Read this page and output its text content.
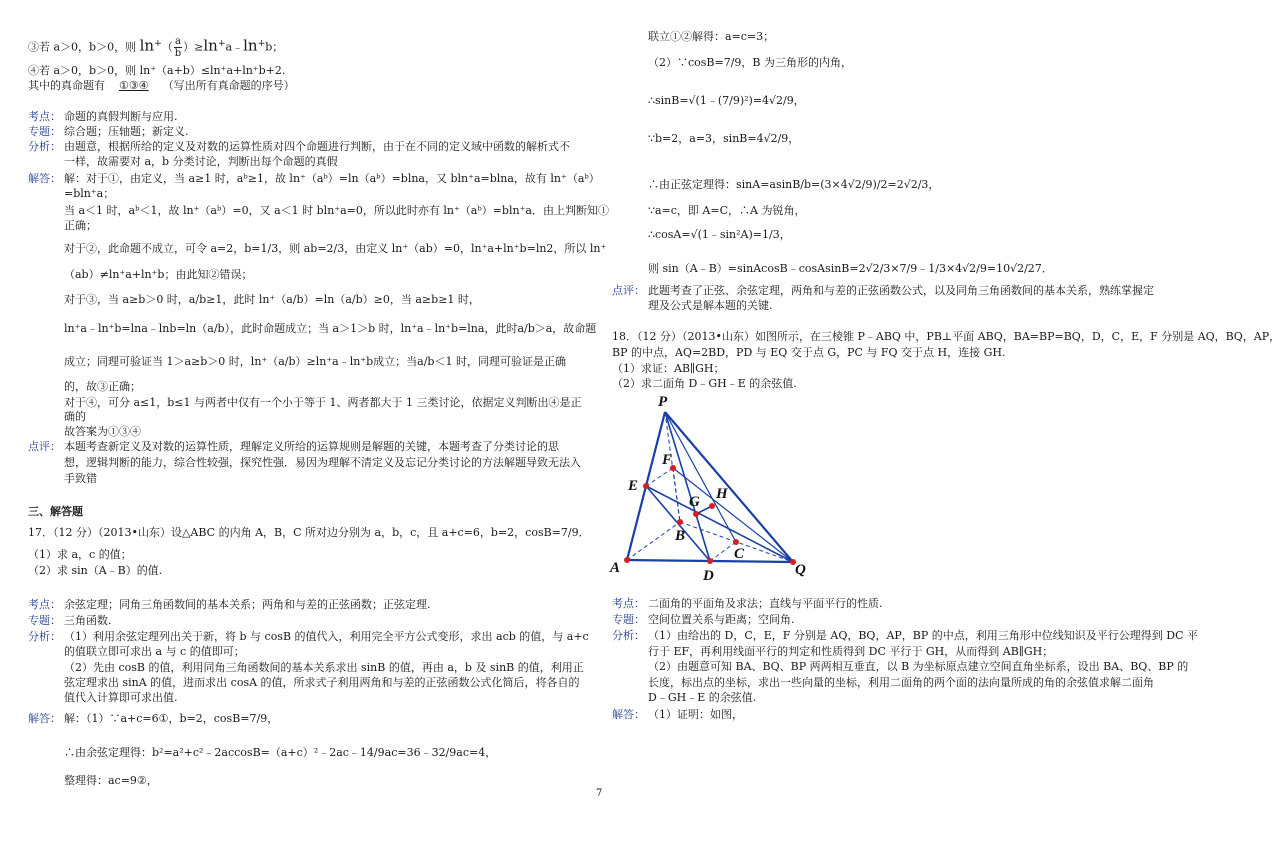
③若 a＞0，b＞0，则 $\ln^+( \frac{a}{b}$ ）≥ln+a﹣ln+b；
④若 a＞0，b＞0，则 ln⁺（a+b）≤ln⁺a+ln⁺b+2.
其中的真命题有 ①③④ （写出所有真命题的序号）
考点： 命题的真假判断与应用.
专题： 综合题；压轴题；新定义.
分析： 由题意，根据所给的定义及对数的运算性质对四个命题进行判断，由于在不同的定义域中函数的解析式不
一样，故需要对 a，b 分类讨论，判断出每个命题的真假
解答： 解：对于①，由定义，当 a≥1 时，aᵇ≥1，故 ln⁺（aᵇ）=ln（aᵇ）=blna，又 bln⁺a=blna，故有 ln⁺（aᵇ）
=bln⁺a；
当 a＜1 时，aᵇ＜1，故 ln⁺（aᵇ）=0，又 a＜1 时 bln⁺a=0，所以此时亦有 ln⁺（aᵇ）=bln⁺a．由上判断知①
正确；
对于②，此命题不成立，可令 a=2，b=1/3，则 ab=2/3，由定义 ln⁺（ab）=0，ln⁺a+ln⁺b=ln2，所以 ln⁺
（ab）≠ln⁺a+ln⁺b；由此知②错误；
对于③，当 a≥b＞0 时，a/b≥1，此时 ln⁺（a/b）=ln（a/b）≥0，当 a≥b≥1 时，
ln⁺a﹣ln⁺b=lna﹣lnb=ln（a/b），此时命题成立；当 a＞1＞b 时，ln⁺a﹣ln⁺b=lna，此时a/b＞a，故命题
成立；同理可验证当 1＞a≥b＞0 时，ln⁺（a/b）≥ln⁺a﹣ln⁺b成立；当a/b＜1 时，同理可验证是正确
的，故③正确；
对于④，可分 a≤1，b≤1 与两者中仅有一个小于等于 1、两者都大于 1 三类讨论，依据定义判断出④是正
确的
故答案为①③④
点评： 本题考查新定义及对数的运算性质，理解定义所给的运算规则是解题的关键，本题考查了分类讨论的思
想，逻辑判断的能力，综合性较强，探究性强．易因为理解不清定义及忘记分类讨论的方法解题导致无法入
手致错
三、解答题
17．（12 分）（2013•山东）设△ABC 的内角 A，B，C 所对边分别为 a，b，c，且 a+c=6，b=2，cosB=7/9．
（1）求 a，c 的值；
（2）求 sin（A﹣B）的值.
考点： 余弦定理；同角三角函数间的基本关系；两角和与差的正弦函数；正弦定理.
专题： 三角函数.
分析： （1）利用余弦定理列出关于新，将 b 与 cosB 的值代入，利用完全平方公式变形，求出 acb 的值，与 a+c
的值联立即可求出 a 与 c 的值即可；
（2）先由 cosB 的值，利用同角三角函数间的基本关系求出 sinB 的值，再由 a，b 及 sinB 的值，利用正
弦定理求出 sinA 的值，进而求出 cosA 的值，所求式子利用两角和与差的正弦函数公式化简后，将各自的
值代入计算即可求出值.
解答： 解：（1）∵a+c=6①，b=2，cosB=7/9，
∴由余弦定理得：b²=a²+c²﹣2accosB=（a+c）²﹣2ac﹣14/9ac=36﹣32/9ac=4，
整理得：ac=9②，
联立①②解得：a=c=3；
（2）∵cosB=7/9，B 为三角形的内角，
∴sinB=√(1﹣(7/9)²)=4√2/9，
∵b=2，a=3，sinB=4√2/9，
∴由正弦定理得：sinA=asinB/b=(3×4√2/9)/2=2√2/3，
∵a=c，即 A=C，∴A 为锐角，
∴cosA=√(1﹣sin²A)=1/3，
则 sin（A﹣B）=sinAcosB﹣cosAsinB=2√2/3×7/9﹣1/3×4√2/9=10√2/27．
点评： 此题考查了正弦、余弦定理，两角和与差的正弦函数公式，以及同角三角函数间的基本关系，熟练掌握定
理及公式是解本题的关键.
18．（12 分）（2013•山东）如图所示，在三棱锥 P﹣ABQ 中，PB⊥平面 ABQ，BA=BP=BQ，D，C，E，F 分别是 AQ，BQ，AP，
BP 的中点，AQ=2BD，PD 与 EQ 交于点 G，PC 与 FQ 交于点 H，连接 GH.
（1）求证：AB∥GH；
（2）求二面角 D﹣GH﹣E 的余弦值.
P
F
E
G H
B
C
A	D	Q
考点： 二面角的平面角及求法；直线与平面平行的性质.
专题： 空间位置关系与距离；空间角.
分析： （1）由给出的 D，C，E，F 分别是 AQ，BQ，AP，BP 的中点，利用三角形中位线知识及平行公理得到 DC 平
行于 EF，再利用线面平行的判定和性质得到 DC 平行于 GH，从而得到 AB∥GH；
（2）由题意可知 BA、BQ、BP 两两相互垂直，以 B 为坐标原点建立空间直角坐标系，设出 BA、BQ、BP 的
长度，标出点的坐标，求出一些向量的坐标，利用二面角的两个面的法向量所成的角的余弦值求解二面角
D﹣GH﹣E 的余弦值.
解答： （1）证明：如图，
7
